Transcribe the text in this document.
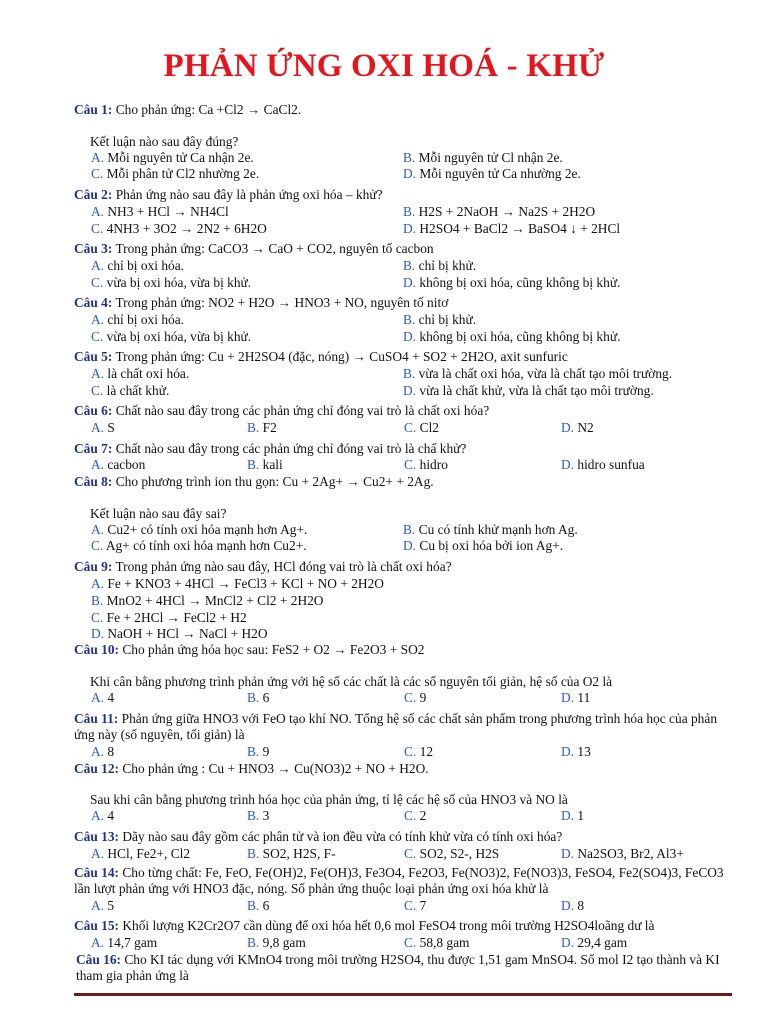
PHẢN ỨNG OXI HOÁ - KHỬ
Câu 1: Cho phản ứng: Ca +Cl2 → CaCl2.
Kết luận nào sau đây đúng?
A. Mỗi nguyên tử Ca nhận 2e.	B. Mỗi nguyên tử Cl nhận 2e.
C. Mỗi phân tử Cl2 nhường 2e.	D. Mỗi nguyên tử Ca nhường 2e.
Câu 2: Phản ứng nào sau đây là phản ứng oxi hóa – khử?
A. NH3 + HCl → NH4Cl	B. H2S + 2NaOH → Na2S + 2H2O
C. 4NH3 + 3O2 → 2N2 + 6H2O	D. H2SO4 + BaCl2 → BaSO4 ↓ + 2HCl
Câu 3: Trong phản ứng: CaCO3 → CaO + CO2, nguyên tố cacbon
A. chỉ bị oxi hóa.	B. chỉ bị khử.
C. vừa bị oxi hóa, vừa bị khử.	D. không bị oxi hóa, cũng không bị khử.
Câu 4: Trong phản ứng: NO2 + H2O → HNO3 + NO, nguyên tố nitơ
A. chỉ bị oxi hóa.	B. chỉ bị khử.
C. vừa bị oxi hóa, vừa bị khử.	D. không bị oxi hóa, cũng không bị khử.
Câu 5: Trong phản ứng: Cu + 2H2SO4 (đặc, nóng) → CuSO4 + SO2 + 2H2O, axit sunfuric
A. là chất oxi hóa.	B. vừa là chất oxi hóa, vừa là chất tạo môi trường.
C. là chất khử.	D. vừa là chất khử, vừa là chất tạo môi trường.
Câu 6: Chất nào sau đây trong các phản ứng chỉ đóng vai trò là chất oxi hóa?
A. S	B. F2	C. Cl2	D. N2
Câu 7: Chất nào sau đây trong các phản ứng chỉ đóng vai trò là chấ khử?
A. cacbon	B. kali	C. hidro	D. hidro sunfua
Câu 8: Cho phương trình ion thu gọn: Cu + 2Ag+ → Cu2+ + 2Ag.
Kết luận nào sau đây sai?
A. Cu2+ có tính oxi hóa mạnh hơn Ag+.	B. Cu có tính khử mạnh hơn Ag.
C. Ag+ có tính oxi hóa mạnh hơn Cu2+.	D. Cu bị oxi hóa bởi ion Ag+.
Câu 9: Trong phản ứng nào sau đây, HCl đóng vai trò là chất oxi hóa?
A. Fe + KNO3 + 4HCl → FeCl3 + KCl + NO + 2H2O
B. MnO2 + 4HCl → MnCl2 + Cl2 + 2H2O
C. Fe + 2HCl → FeCl2 + H2
D. NaOH + HCl → NaCl + H2O
Câu 10: Cho phản ứng hóa học sau: FeS2 + O2 → Fe2O3 + SO2
Khi cân bằng phương trình phản ứng với hệ số các chất là các số nguyên tối giản, hệ số của O2 là
A. 4	B. 6	C. 9	D. 11
Câu 11: Phản ứng giữa HNO3 với FeO tạo khí NO. Tổng hệ số các chất sản phẩm trong phương trình hóa học của phản ứng này (số nguyên, tối giản) là
A. 8	B. 9	C. 12	D. 13
Câu 12: Cho phản ứng : Cu + HNO3 → Cu(NO3)2 + NO + H2O.
Sau khi cân bằng phương trình hóa học của phản ứng, tỉ lệ các hệ số của HNO3 và NO là
A. 4	B. 3	C. 2	D. 1
Câu 13: Dãy nào sau đây gồm các phân tử và ion đều vừa có tính khử vừa có tính oxi hóa?
A. HCl, Fe2+, Cl2	B. SO2, H2S, F-	C. SO2, S2-, H2S	D. Na2SO3, Br2, Al3+
Câu 14: Cho từng chất: Fe, FeO, Fe(OH)2, Fe(OH)3, Fe3O4, Fe2O3, Fe(NO3)2, Fe(NO3)3, FeSO4, Fe2(SO4)3, FeCO3 lần lượt phản ứng với HNO3 đặc, nóng. Số phản ứng thuộc loại phản ứng oxi hóa khử là
A. 5	B. 6	C. 7	D. 8
Câu 15: Khối lượng K2Cr2O7 cần dùng để oxi hóa hết 0,6 mol FeSO4 trong môi trường H2SO4loãng dư là
A. 14,7 gam	B. 9,8 gam	C. 58,8 gam	D. 29,4 gam
Câu 16: Cho KI tác dụng với KMnO4 trong môi trường H2SO4, thu được 1,51 gam MnSO4. Số mol I2 tạo thành và KI tham gia phản ứng là
